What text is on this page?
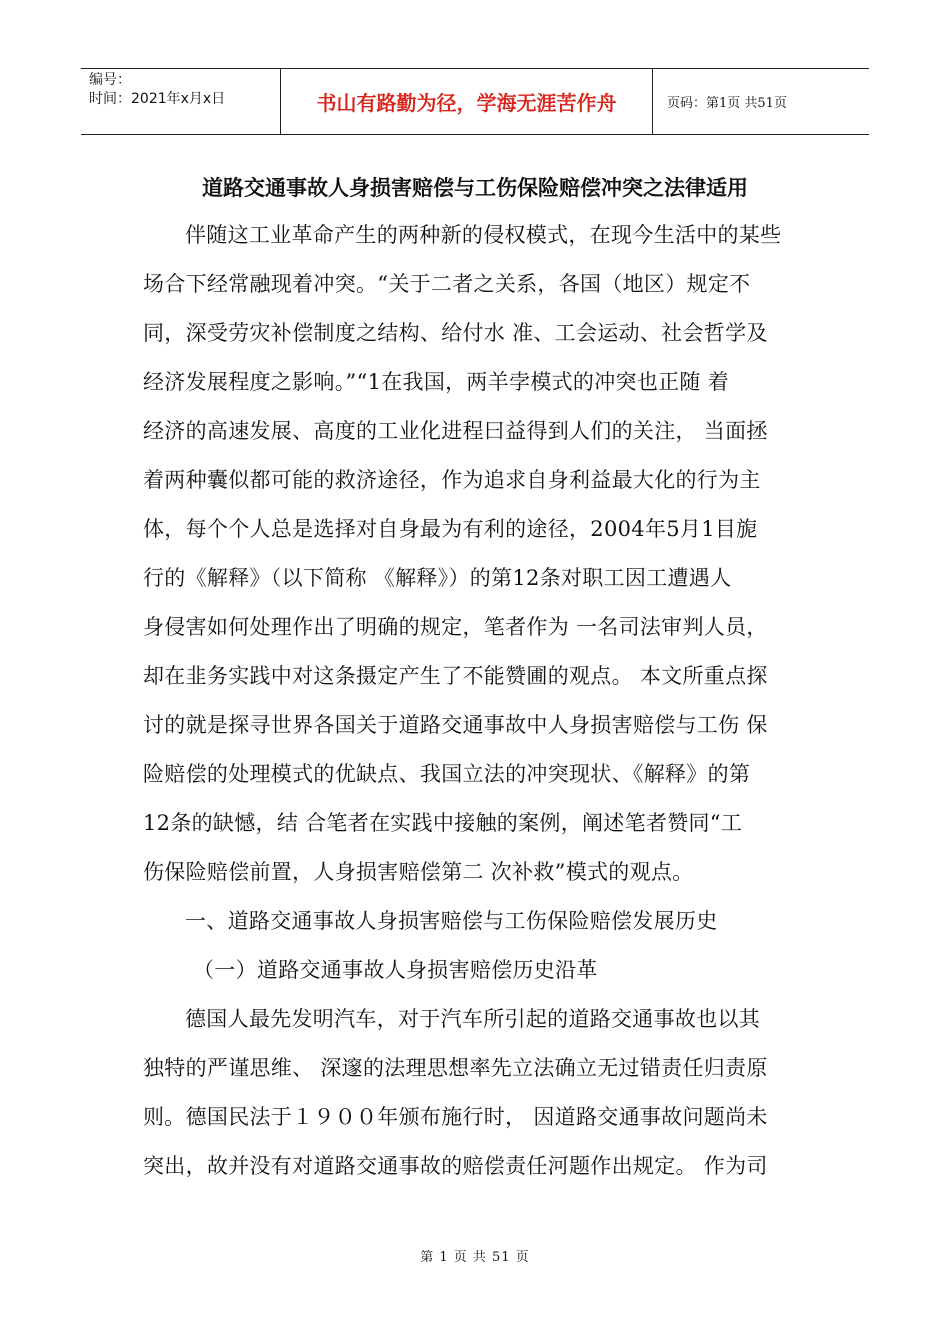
编号：
时间：2021年x月x日	书山有路勤为径，学海无涯苦作舟	页码：第1页 共51页
道路交通事故人身损害赔偿与工伤保险赔偿冲突之法律适用
伴随这工业革命产生的两种新的侵权模式，在现今生活中的某些
场合下经常融现着冲突。“关于二者之关系，各国（地区）规定不
同，深受劳灾补偿制度之结构、给付水 准、工会运动、社会哲学及
经济发展程度之影响。”“1在我国，两羊孛模式的冲突也正随 着
经济的高速发展、高度的工业化进程曰益得到人们的关注， 当面拯
着两种囊似都可能的救济途径，作为追求自身利益最大化的行为主
体，每个个人总是选择对自身最为有利的途径，2004年5月1目旎
行的《解释》（以下简称 《解释》）的第12条对职工因工遭遇人
身侵害如何处理作出了明确的规定，笔者作为 一名司法审判人员，
却在韭务实践中对这条摄定产生了不能赞圃的观点。 本文所重点探
讨的就是探寻世界各国关于道路交通事故中人身损害赔偿与工伤 保
险赔偿的处理模式的优缺点、我国立法的冲突现状、《解释》的第
12条的缺憾，结 合笔者在实践中接触的案例，阐述笔者赞同“工
伤保险赔偿前置，人身损害赔偿第二 次补救”模式的观点。
一、道路交通事故人身损害赔偿与工伤保险赔偿发展历史
（一）道路交通事故人身损害赔偿历史沿革
德国人最先发明汽车，对于汽车所引起的道路交通事故也以其
独特的严谨思维、 深邃的法理思想率先立法确立无过错责任归责原
则。德国民法于１９００年颁布施行时， 因道路交通事故问题尚未
突出，故并没有对道路交通事故的赔偿责任河题作出规定。 作为司
第 1 页 共 51 页
